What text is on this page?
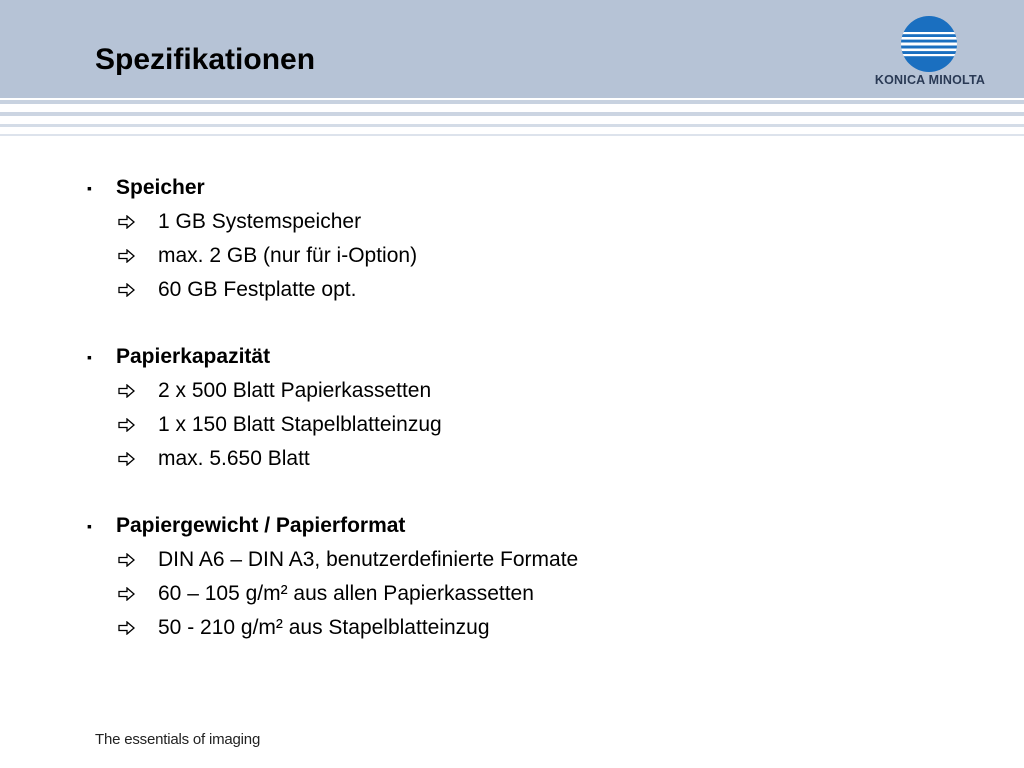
Spezifikationen
KONICA MINOLTA
▪ Speicher
1 GB Systemspeicher
max. 2 GB (nur für i-Option)
60 GB Festplatte opt.
▪ Papierkapazität
2 x 500 Blatt Papierkassetten
1 x 150 Blatt Stapelblatteinzug
max. 5.650 Blatt
▪ Papiergewicht / Papierformat
DIN A6 – DIN A3, benutzerdefinierte Formate
60 – 105 g/m² aus allen Papierkassetten
50 - 210 g/m² aus Stapelblatteinzug
The essentials of imaging
